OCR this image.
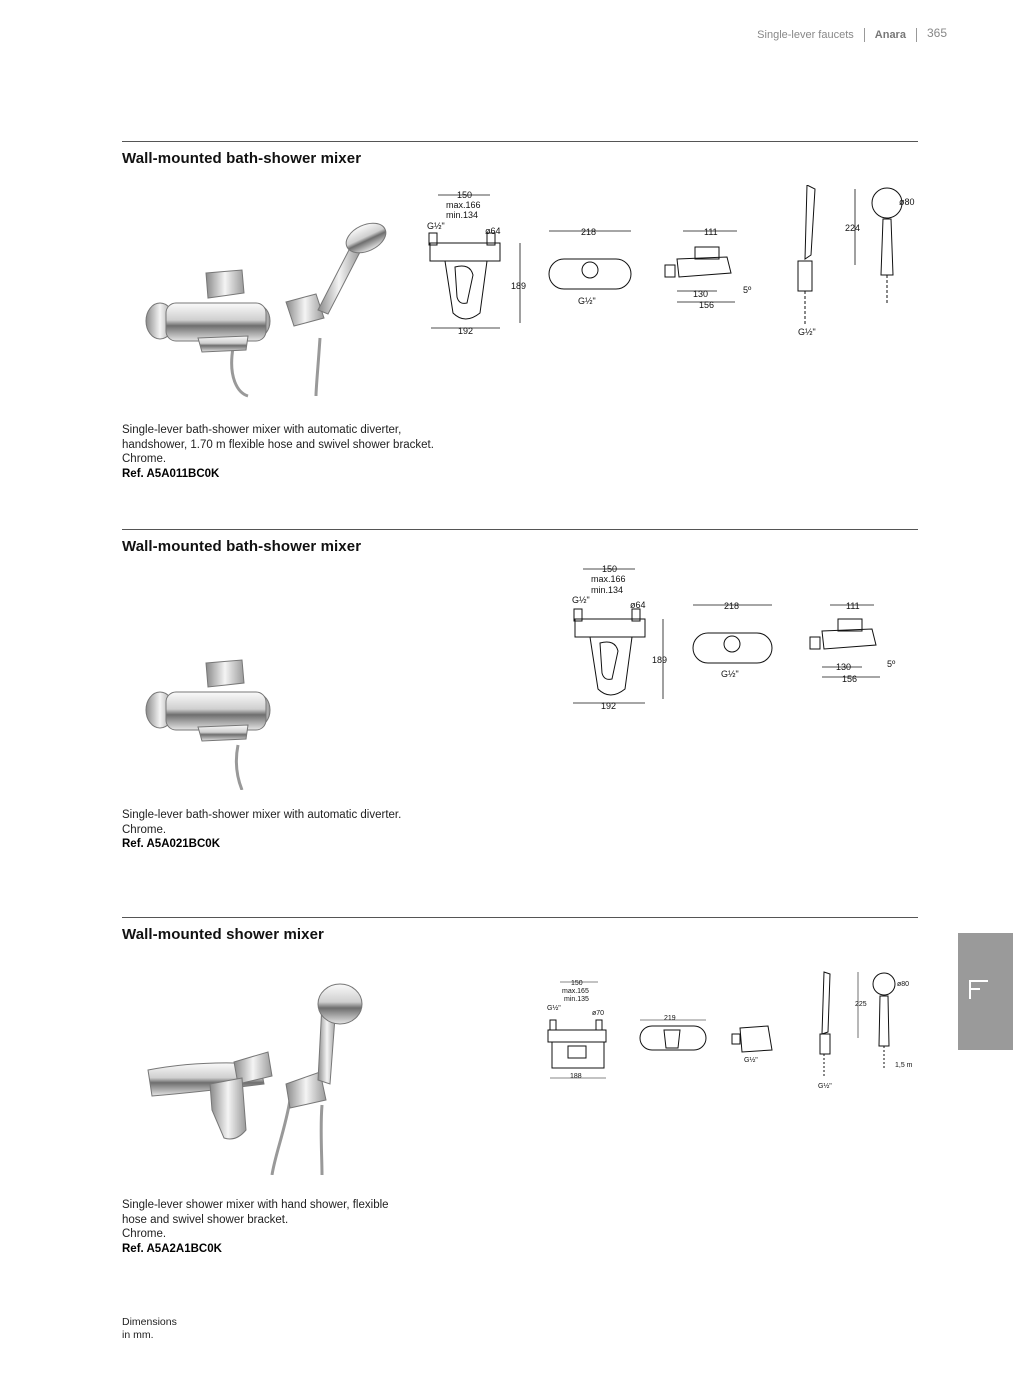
Single-lever faucets Anara 365
Wall-mounted bath-shower mixer
150
max.166
min.134
G½"	ø64
189
192
218
G½"
111
130	5º
156
G½"
224
ø80
Single-lever bath-shower mixer with automatic diverter,
handshower, 1.70 m flexible hose and swivel shower bracket.
Chrome.
Ref. A5A011BC0K
Wall-mounted bath-shower mixer
150
max.166
min.134
G½"	ø64
189
192
218
G½"
111
130	5º
156
Single-lever bath-shower mixer with automatic diverter.
Chrome.
Ref. A5A021BC0K
Wall-mounted shower mixer
150
max.165
min.135
G½"
ø70
188
219
G½"
G½"
225
ø80
1,5 m
Single-lever shower mixer with hand shower, flexible
hose and swivel shower bracket.
Chrome.
Ref. A5A2A1BC0K
Dimensions
in mm.
